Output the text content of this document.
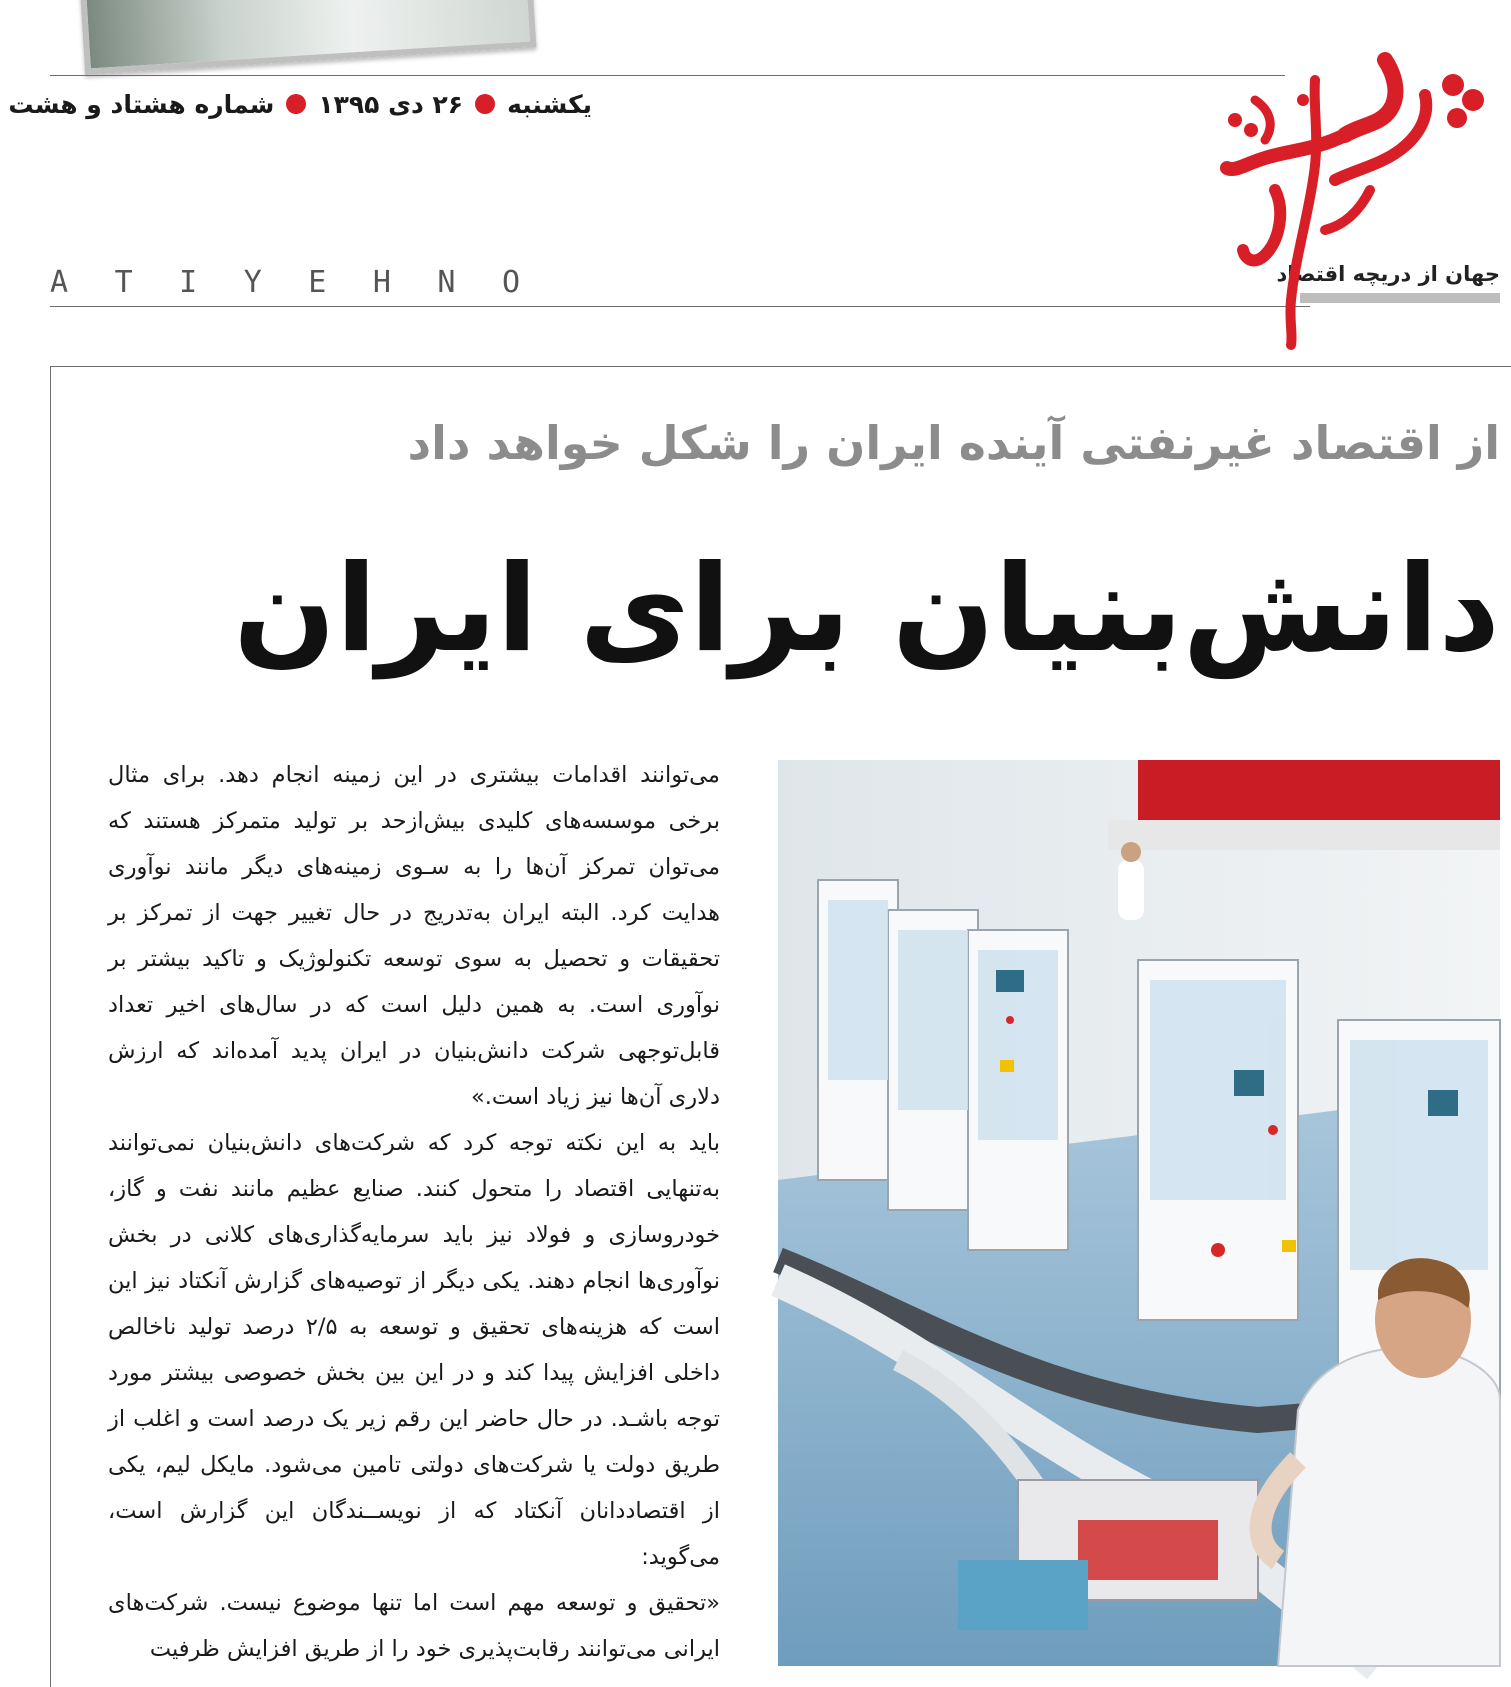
یکشنبه
۲۶ دی ۱۳۹۵
شماره هشتاد و هشت
A T I Y E H N O	جهان از دریچه اقتصاد
از اقتصاد غیرنفتی آینده ایران را شکل خواهد داد
دانش‌بنیان برای ایران

می‌توانند اقدامات بیشتری در این زمینه انجام دهد. برای مثال برخی موسسه‌های کلیدی بیش‌ازحد بر تولید متمرکز هستند که می‌توان تمرکز آن‌ها را به سـوی زمینه‌های دیگر مانند نوآوری هدایت کرد. البته ایران به‌تدریج در حال تغییر جهت از تمرکز بر تحقیقات و تحصیل به سوی توسعه تکنولوژیک و تاکید بیشتر بر نوآوری است. به همین دلیل است که در سال‌های اخیر تعداد قابل‌توجهی شرکت دانش‌بنیان در ایران پدید آمده‌اند که ارزش دلاری آن‌ها نیز زیاد است.»

باید به این نکته توجه کرد که شرکت‌های دانش‌بنیان نمی‌توانند به‌تنهایی اقتصاد را متحول کنند. صنایع عظیم مانند نفت و گاز، خودروسازی و فولاد نیز باید سرمایه‌گذاری‌های کلانی در بخش نوآوری‌ها انجام دهند. یکی دیگر از توصیه‌های گزارش آنکتاد نیز این است که هزینه‌های تحقیق و توسعه به ۲/۵ درصد تولید ناخالص داخلی افزایش پیدا کند و در این بین بخش خصوصی بیشتر مورد توجه باشـد. در حال حاضر این رقم زیر یک درصد است و اغلب از طریق دولت یا شرکت‌های دولتی تامین می‌شود. مایکل لیم، یکی از اقتصاددانان آنکتاد که از نویســندگان این گزارش است، می‌گوید:

«تحقیق و توسعه مهم است اما تنها موضوع نیست. شرکت‌های ایرانی می‌توانند رقابت‌پذیری خود را از طریق افزایش ظرفیت
